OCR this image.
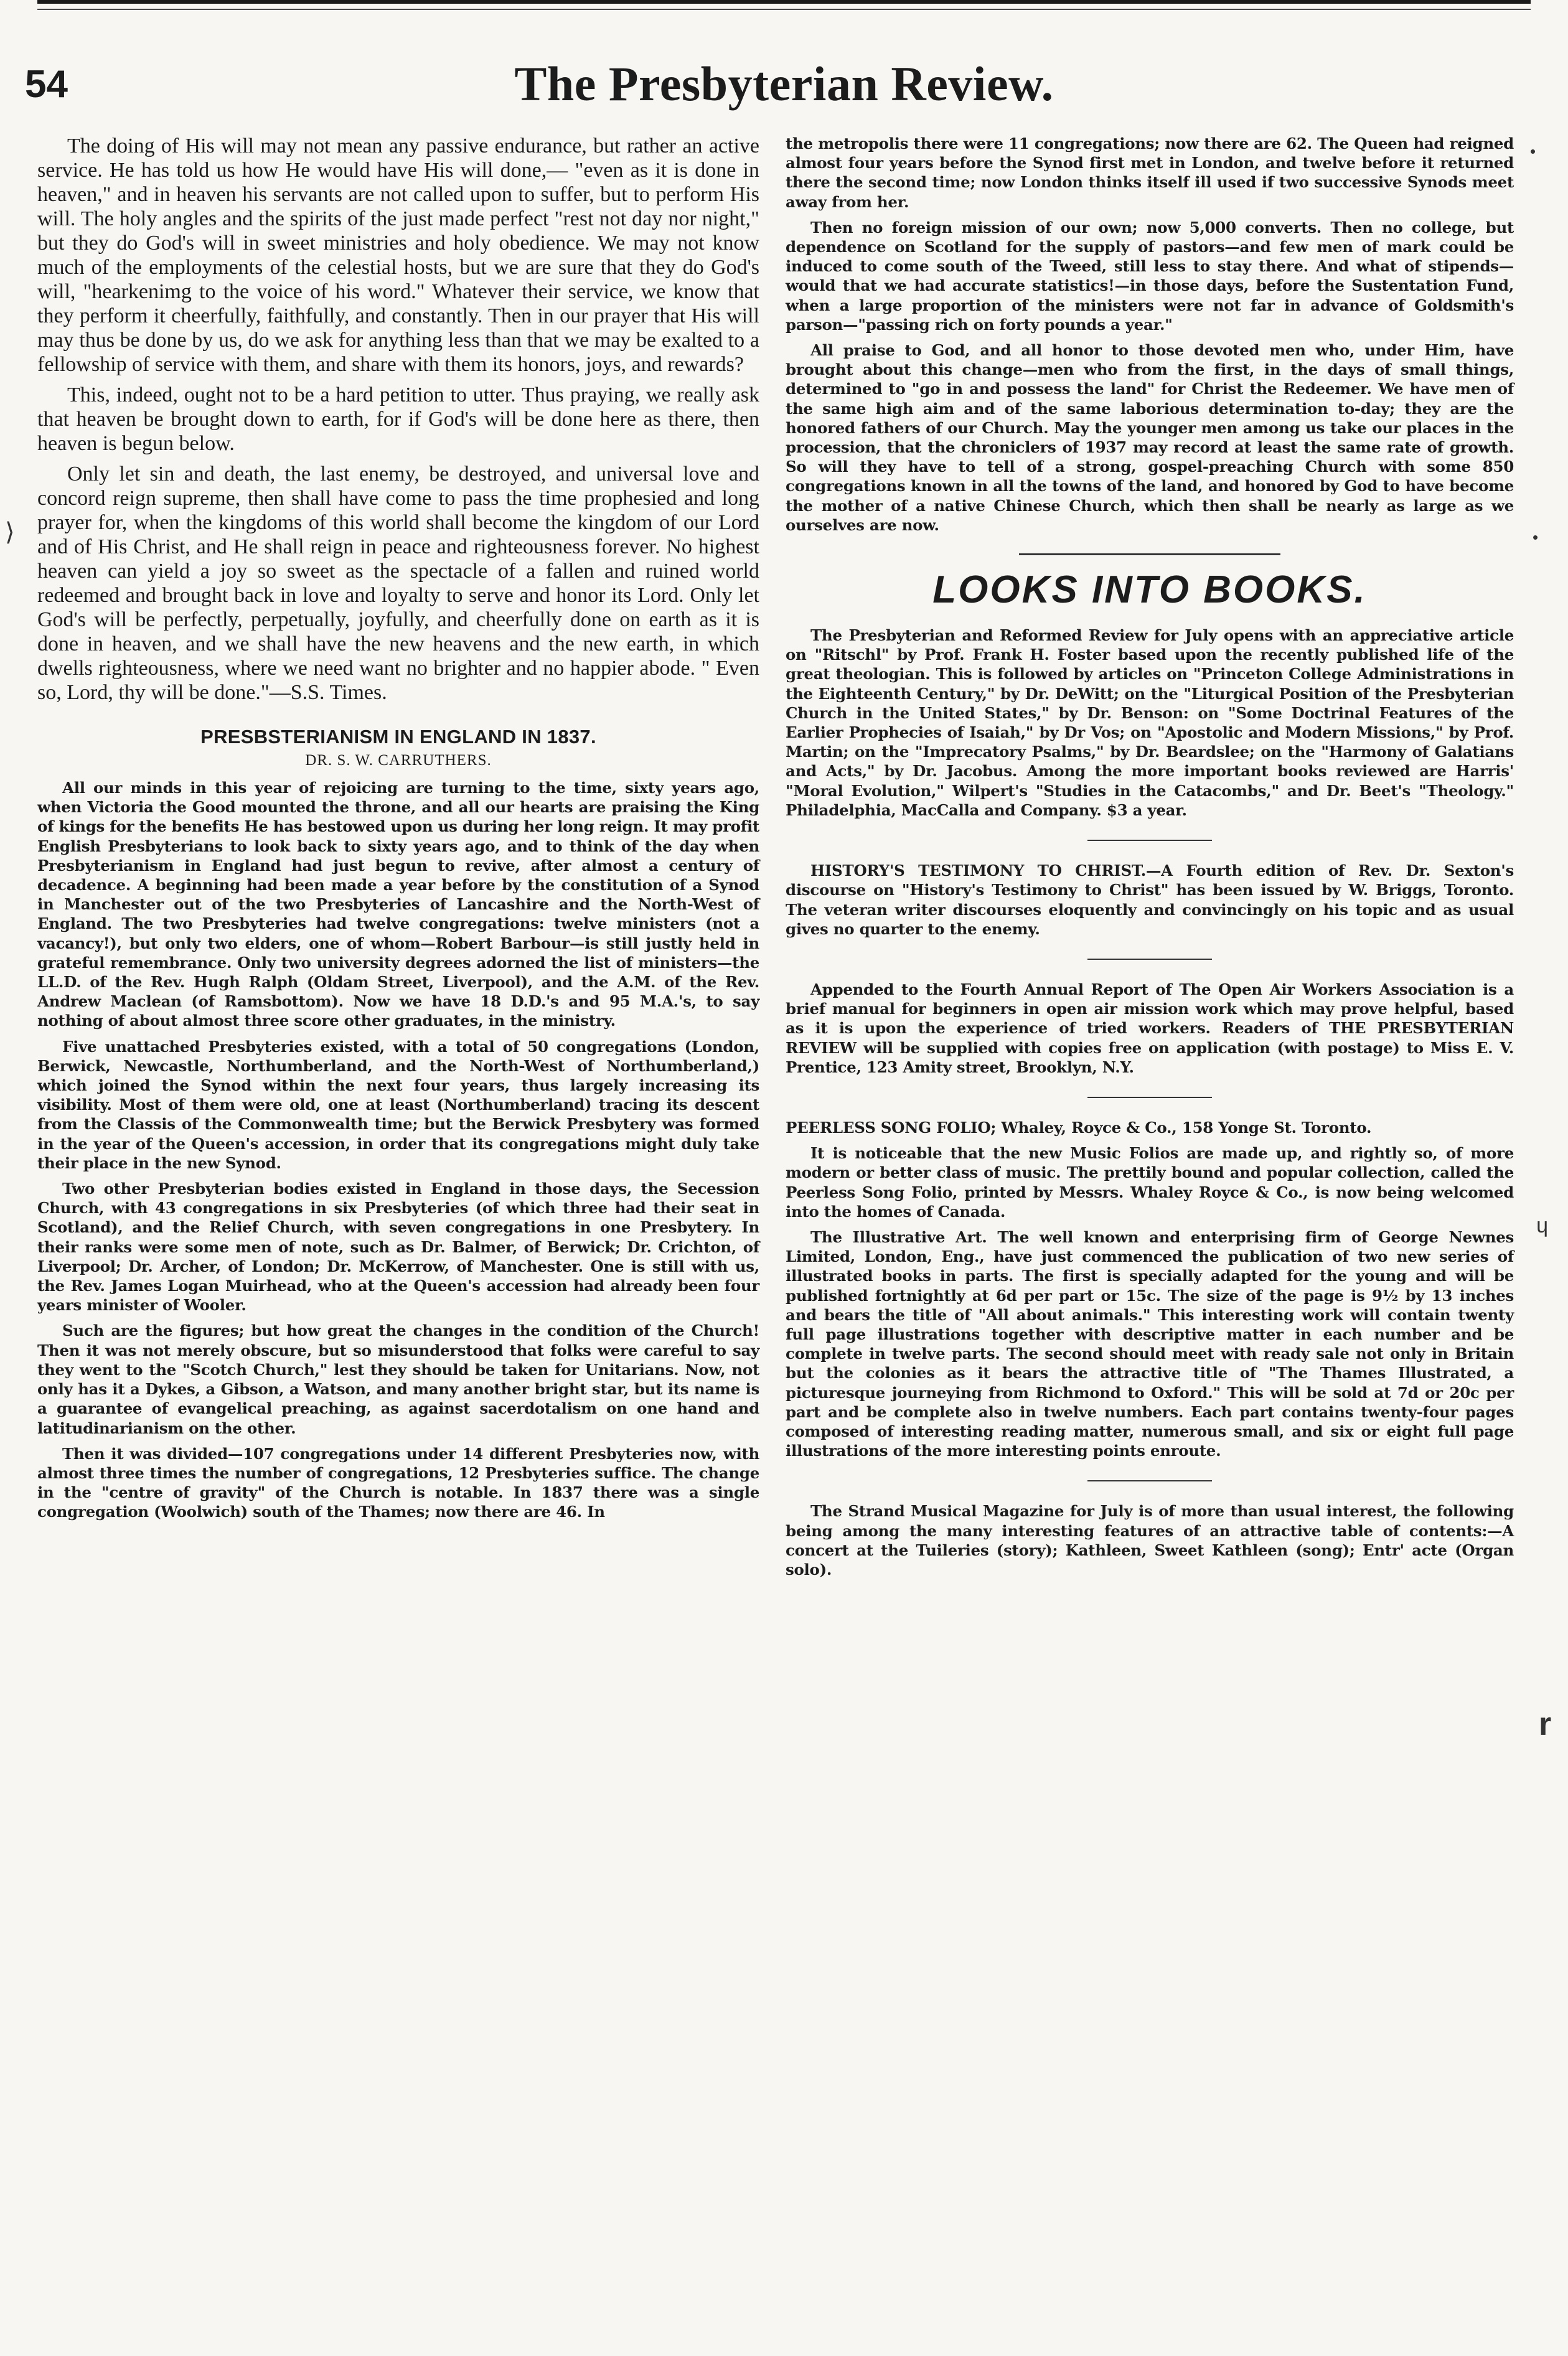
54	The Presbyterian Review.

The doing of His will may not mean any passive endurance, but rather an active service. He has told us how He would have His will done,— "even as it is done in heaven," and in heaven his servants are not called upon to suffer, but to perform His will. The holy angles and the spirits of the just made perfect "rest not day nor night," but they do God's will in sweet ministries and holy obedience. We may not know much of the employments of the celestial hosts, but we are sure that they do God's will, "hearkenimg to the voice of his word." Whatever their service, we know that they perform it cheerfully, faithfully, and constantly. Then in our prayer that His will may thus be done by us, do we ask for anything less than that we may be exalted to a fellowship of service with them, and share with them its honors, joys, and rewards?

This, indeed, ought not to be a hard petition to utter. Thus praying, we really ask that heaven be brought down to earth, for if God's will be done here as there, then heaven is begun below.

Only let sin and death, the last enemy, be destroyed, and universal love and concord reign supreme, then shall have come to pass the time prophesied and long prayer for, when the kingdoms of this world shall become the kingdom of our Lord and of His Christ, and He shall reign in peace and righteousness forever. No highest heaven can yield a joy so sweet as the spectacle of a fallen and ruined world redeemed and brought back in love and loyalty to serve and honor its Lord. Only let God's will be perfectly, perpetually, joyfully, and cheerfully done on earth as it is done in heaven, and we shall have the new heavens and the new earth, in which dwells righteousness, where we need want no brighter and no happier abode. " Even so, Lord, thy will be done."—S.S. Times.

PRESBSTERIANISM IN ENGLAND IN 1837.
DR. S. W. CARRUTHERS.

All our minds in this year of rejoicing are turning to the time, sixty years ago, when Victoria the Good mounted the throne, and all our hearts are praising the King of kings for the benefits He has bestowed upon us during her long reign. It may profit English Presbyterians to look back to sixty years ago, and to think of the day when Presbyterianism in England had just begun to revive, after almost a century of decadence. A beginning had been made a year before by the constitution of a Synod in Manchester out of the two Presbyteries of Lancashire and the North-West of England. The two Presbyteries had twelve congregations: twelve ministers (not a vacancy!), but only two elders, one of whom—Robert Barbour—is still justly held in grateful remembrance. Only two university degrees adorned the list of ministers—the LL.D. of the Rev. Hugh Ralph (Oldam Street, Liverpool), and the A.M. of the Rev. Andrew Maclean (of Ramsbottom). Now we have 18 D.D.'s and 95 M.A.'s, to say nothing of about almost three score other graduates, in the ministry.

Five unattached Presbyteries existed, with a total of 50 congregations (London, Berwick, Newcastle, Northumberland, and the North-West of Northumberland,) which joined the Synod within the next four years, thus largely increasing its visibility. Most of them were old, one at least (Northumberland) tracing its descent from the Classis of the Commonwealth time; but the Berwick Presbytery was formed in the year of the Queen's accession, in order that its congregations might duly take their place in the new Synod.

Two other Presbyterian bodies existed in England in those days, the Secession Church, with 43 congregations in six Presbyteries (of which three had their seat in Scotland), and the Relief Church, with seven congregations in one Presbytery. In their ranks were some men of note, such as Dr. Balmer, of Berwick; Dr. Crichton, of Liverpool; Dr. Archer, of London; Dr. McKerrow, of Manchester. One is still with us, the Rev. James Logan Muirhead, who at the Queen's accession had already been four years minister of Wooler.

Such are the figures; but how great the changes in the condition of the Church! Then it was not merely obscure, but so misunderstood that folks were careful to say they went to the "Scotch Church," lest they should be taken for Unitarians. Now, not only has it a Dykes, a Gibson, a Watson, and many another bright star, but its name is a guarantee of evangelical preaching, as against sacerdotalism on one hand and latitudinarianism on the other.

Then it was divided—107 congregations under 14 different Presbyteries now, with almost three times the number of congregations, 12 Presbyteries suffice. The change in the "centre of gravity" of the Church is notable. In 1837 there was a single congregation (Woolwich) south of the Thames; now there are 46. In

the metropolis there were 11 congregations; now there are 62. The Queen had reigned almost four years before the Synod first met in London, and twelve before it returned there the second time; now London thinks itself ill used if two successive Synods meet away from her.

Then no foreign mission of our own; now 5,000 converts. Then no college, but dependence on Scotland for the supply of pastors—and few men of mark could be induced to come south of the Tweed, still less to stay there. And what of stipends—would that we had accurate statistics!—in those days, before the Sustentation Fund, when a large proportion of the ministers were not far in advance of Goldsmith's parson—"passing rich on forty pounds a year."

All praise to God, and all honor to those devoted men who, under Him, have brought about this change—men who from the first, in the days of small things, determined to "go in and possess the land" for Christ the Redeemer. We have men of the same high aim and of the same laborious determination to-day; they are the honored fathers of our Church. May the younger men among us take our places in the procession, that the chroniclers of 1937 may record at least the same rate of growth. So will they have to tell of a strong, gospel-preaching Church with some 850 congregations known in all the towns of the land, and honored by God to have become the mother of a native Chinese Church, which then shall be nearly as large as we ourselves are now.

LOOKS INTO BOOKS.

The Presbyterian and Reformed Review for July opens with an appreciative article on "Ritschl" by Prof. Frank H. Foster based upon the recently published life of the great theologian. This is followed by articles on "Princeton College Administrations in the Eighteenth Century," by Dr. DeWitt; on the "Liturgical Position of the Presbyterian Church in the United States," by Dr. Benson: on "Some Doctrinal Features of the Earlier Prophecies of Isaiah," by Dr Vos; on "Apostolic and Modern Missions," by Prof. Martin; on the "Imprecatory Psalms," by Dr. Beardslee; on the "Harmony of Galatians and Acts," by Dr. Jacobus. Among the more important books reviewed are Harris' "Moral Evolution," Wilpert's "Studies in the Catacombs," and Dr. Beet's "Theology." Philadelphia, MacCalla and Company. $3 a year.

HISTORY'S TESTIMONY TO CHRIST.—A Fourth edition of Rev. Dr. Sexton's discourse on "History's Testimony to Christ" has been issued by W. Briggs, Toronto. The veteran writer discourses eloquently and convincingly on his topic and as usual gives no quarter to the enemy.

Appended to the Fourth Annual Report of The Open Air Workers Association is a brief manual for beginners in open air mission work which may prove helpful, based as it is upon the experience of tried workers. Readers of THE PRESBYTERIAN REVIEW will be supplied with copies free on application (with postage) to Miss E. V. Prentice, 123 Amity street, Brooklyn, N.Y.

PEERLESS SONG FOLIO; Whaley, Royce & Co., 158 Yonge St. Toronto.

It is noticeable that the new Music Folios are made up, and rightly so, of more modern or better class of music. The prettily bound and popular collection, called the Peerless Song Folio, printed by Messrs. Whaley Royce & Co., is now being welcomed into the homes of Canada.

The Illustrative Art. The well known and enterprising firm of George Newnes Limited, London, Eng., have just commenced the publication of two new series of illustrated books in parts. The first is specially adapted for the young and will be published fortnightly at 6d per part or 15c. The size of the page is 9½ by 13 inches and bears the title of "All about animals." This interesting work will contain twenty full page illustrations together with descriptive matter in each number and be complete in twelve parts. The second should meet with ready sale not only in Britain but the colonies as it bears the attractive title of "The Thames Illustrated, a picturesque journeying from Richmond to Oxford." This will be sold at 7d or 20c per part and be complete also in twelve numbers. Each part contains twenty-four pages composed of interesting reading matter, numerous small, and six or eight full page illustrations of the more interesting points enroute.

The Strand Musical Magazine for July is of more than usual interest, the following being among the many interesting features of an attractive table of contents:—A concert at the Tuileries (story); Kathleen, Sweet Kathleen (song); Entr' acte (Organ solo).

⟩
•
•
ɥ
r
